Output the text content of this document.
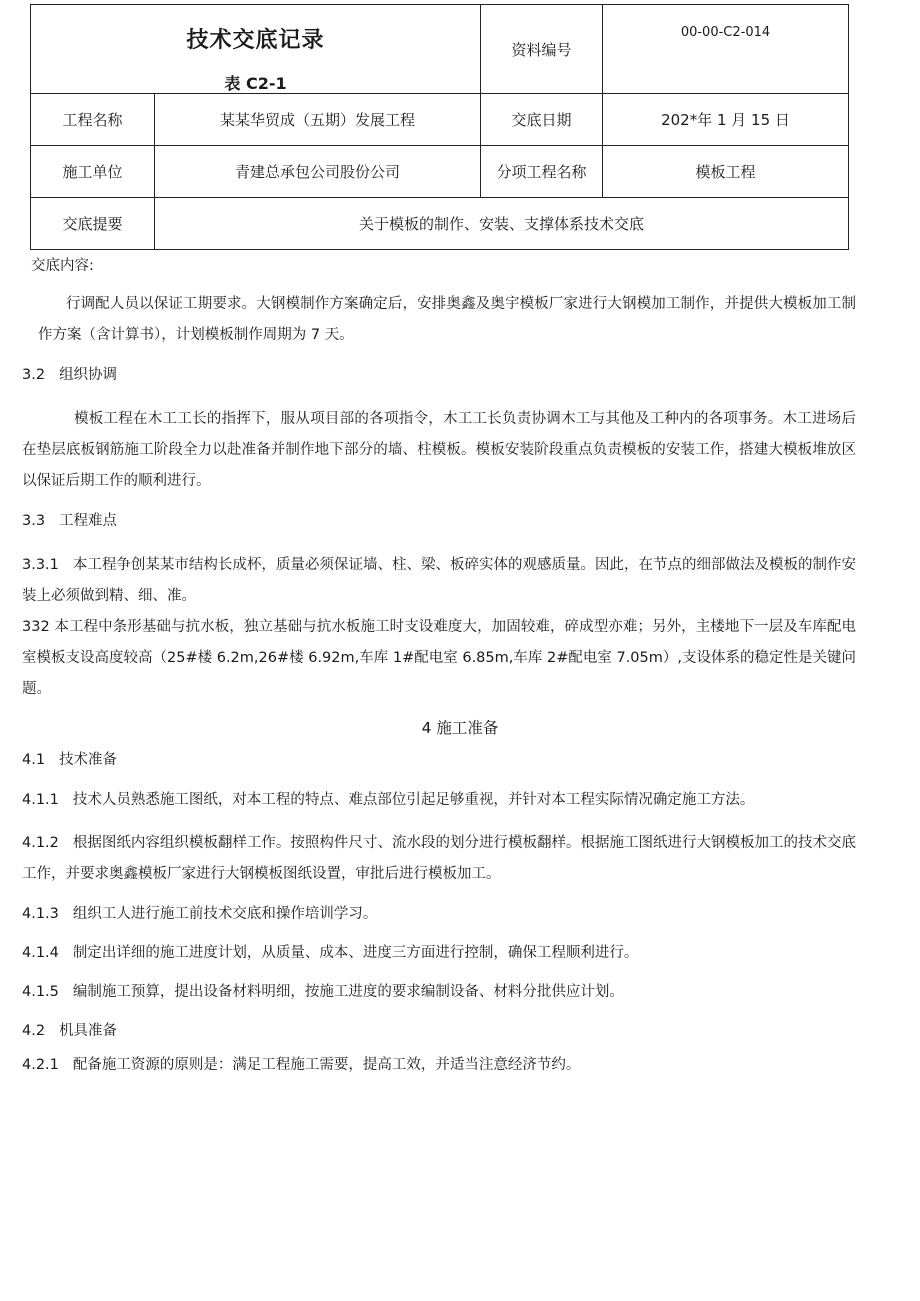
技术交底记录
表 C2-1		资料编号	00-00-C2-014
工程名称	某某华贸成（五期）发展工程	交底日期	202*年 1 月 15 日
施工单位	青建总承包公司股份公司	分项工程名称	模板工程
交底提要	关于模板的制作、安装、支撑体系技术交底		
交底内容:
行调配人员以保证工期要求。大钢模制作方案确定后，安排奥鑫及奥宇模板厂家进行大钢模加工制作，并提供大模板加工制作方案（含计算书），计划模板制作周期为 7 天。
3.2 组织协调
模板工程在木工工长的指挥下，服从项目部的各项指令，木工工长负责协调木工与其他及工种内的各项事务。木工进场后在垫层底板钢筋施工阶段全力以赴准备并制作地下部分的墙、柱模板。模板安装阶段重点负责模板的安装工作，搭建大模板堆放区以保证后期工作的顺利进行。
3.3 工程难点
3.3.1 本工程争创某某市结构长成杯，质量必须保证墙、柱、梁、板碎实体的观感质量。因此，在节点的细部做法及模板的制作安装上必须做到精、细、准。
332 本工程中条形基础与抗水板，独立基础与抗水板施工时支设难度大，加固较难，碎成型亦难；另外，主楼地下一层及车库配电室模板支设高度较高（25#楼 6.2m,26#楼 6.92m,车库 1#配电室 6.85m,车库 2#配电室 7.05m）,支设体系的稳定性是关键问题。
4 施工准备
4.1 技术准备
4.1.1 技术人员熟悉施工图纸，对本工程的特点、难点部位引起足够重视，并针对本工程实际情况确定施工方法。
4.1.2 根据图纸内容组织模板翻样工作。按照构件尺寸、流水段的划分进行模板翻样。根据施工图纸进行大钢模板加工的技术交底工作，并要求奥鑫模板厂家进行大钢模板图纸设置，审批后进行模板加工。
4.1.3 组织工人进行施工前技术交底和操作培训学习。
4.1.4 制定出详细的施工进度计划，从质量、成本、进度三方面进行控制，确保工程顺利进行。
4.1.5 编制施工预算，提出设备材料明细，按施工进度的要求编制设备、材料分批供应计划。
4.2 机具准备
4.2.1 配备施工资源的原则是：满足工程施工需要，提高工效，并适当注意经济节约。
